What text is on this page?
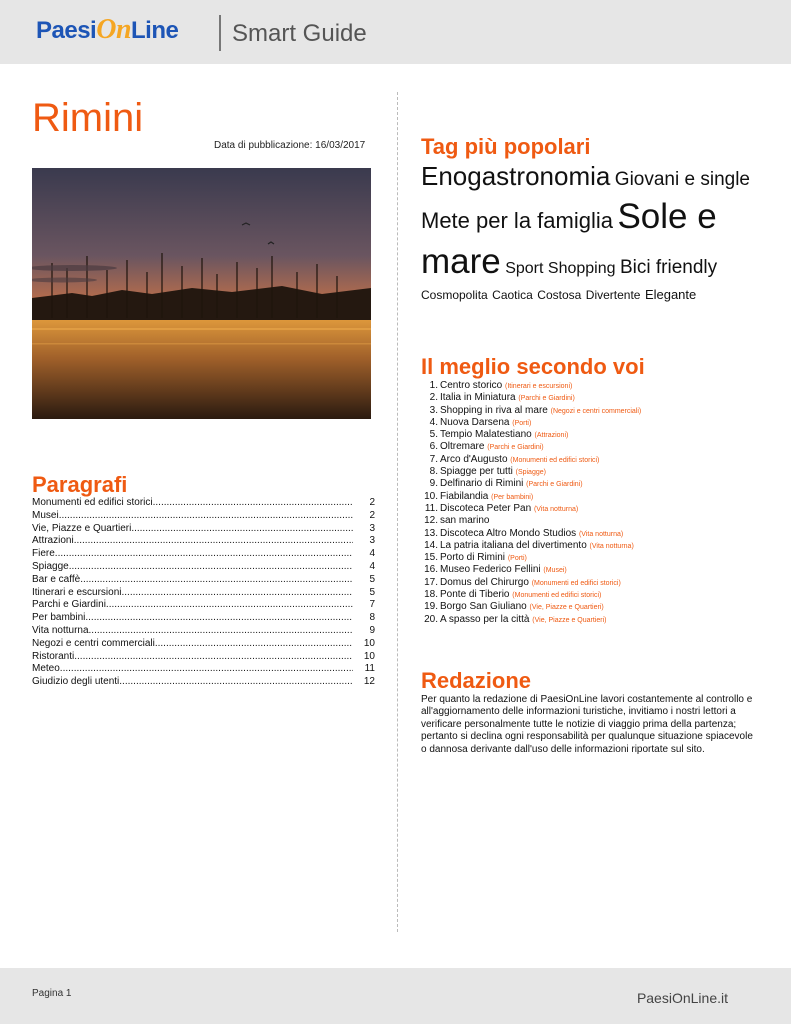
PaesiOnLine Smart Guide
Rimini
Data di pubblicazione: 16/03/2017
Paragrafi
Monumenti ed edifici storici .....	2
Musei .....	2
Vie, Piazze e Quartieri .....	3
Attrazioni .....	3
Fiere .....	4
Spiagge .....	4
Bar e caffè .....	5
Itinerari e escursioni .....	5
Parchi e Giardini .....	7
Per bambini .....	8
Vita notturna .....	9
Negozi e centri commerciali .....	10
Ristoranti .....	10
Meteo .....	11
Giudizio degli utenti .....	12
Tag più popolari
Enogastronomia Giovani e single Mete per la famiglia Sole e mare Sport Shopping Bici friendly Cosmopolita Caotica Costosa Divertente Elegante
Il meglio secondo voi
1. Centro storico (Itinerari e escursioni)
2. Italia in Miniatura (Parchi e Giardini)
3. Shopping in riva al mare (Negozi e centri commerciali)
4. Nuova Darsena (Porti)
5. Tempio Malatestiano (Attrazioni)
6. Oltremare (Parchi e Giardini)
7. Arco d'Augusto (Monumenti ed edifici storici)
8. Spiagge per tutti (Spiagge)
9. Delfinario di Rimini (Parchi e Giardini)
10. Fiabilandia (Per bambini)
11. Discoteca Peter Pan (Vita notturna)
12. san marino
13. Discoteca Altro Mondo Studios (Vita notturna)
14. La patria italiana del divertimento (Vita notturna)
15. Porto di Rimini (Porti)
16. Museo Federico Fellini (Musei)
17. Domus del Chirurgo (Monumenti ed edifici storici)
18. Ponte di Tiberio (Monumenti ed edifici storici)
19. Borgo San Giuliano (Vie, Piazze e Quartieri)
20. A spasso per la città (Vie, Piazze e Quartieri)
Redazione
Per quanto la redazione di PaesiOnLine lavori costantemente al controllo e all'aggiornamento delle informazioni turistiche, invitiamo i nostri lettori a verificare personalmente tutte le notizie di viaggio prima della partenza; pertanto si declina ogni responsabilità per qualunque situazione spiacevole o dannosa derivante dall'uso delle informazioni riportate sul sito.
Pagina 1	PaesiOnLine.it
